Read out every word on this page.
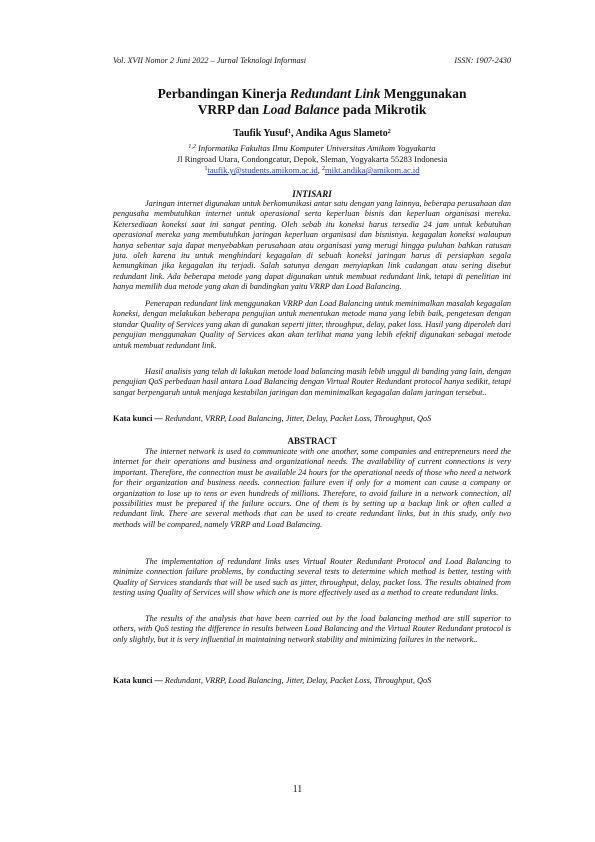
Vol. XVII Nomor 2 Juni 2022 – Jurnal Teknologi Informasi	ISSN: 1907-2430
Perbandingan Kinerja Redundant Link Menggunakan
VRRP dan Load Balance pada Mikrotik
Taufik Yusuf$^1$, Andika Agus Slameto$^2$
$^{1,2}$ Informatika Fakultas Ilmu Komputer Universitas Amikom Yogyakarta
Jl Ringroad Utara, Condongcatur, Depok, Sleman, Yogyakarta 55283 Indonesia
$^1$taufik.y@students.amikom.ac.id, $^2$mikt.andika@amikom.ac.id
INTISARI
Jaringan internet digunakan untuk berkomunikasi antar satu dengan yang lainnya, beberapa perusahaan dan pengusaha membutuhkan internet untuk operasional serta keperluan bisnis dan keperluan organisasi mereka. Ketersediaan koneksi saat ini sangat penting. Oleh sebab itu koneksi harus tersedia 24 jam untuk kebutuhan operasional mereka yang membutuhkan jaringan keperluan organisasi dan bisnisnya. kegagalan koneksi walaupun hanya sebentar saja dapat menyebabkan perusahaan atau organisasi yang merugi hingga puluhan bahkan ratusan juta. oleh karena itu untuk menghindari kegagalan di sebuah koneksi jaringan harus di persiapkan segala kemungkinan jika kegagalan itu terjadi. Salah satunya dengan menyiapkan link cadangan atau sering disebut redundant link. Ada beberapa metode yang dapat digunakan untuk membuat redundant link, tetapi di penelitian ini hanya memilih dua metode yang akan di bandingkan yaitu VRRP dan Load Balancing.
Penerapan redundant link menggunakan VRRP dan Load Balancing untuk meminimalkan masalah kegagalan koneksi, dengan melakukan beberapa pengujian untuk menentukan metode mana yang lebih baik, pengetesan dengan standar Quality of Services yang akan di gunakan seperti jitter, throughput, delay, paket loss. Hasil yang diperoleh dari pengujian menggunakan Quality of Services akan akan terlihat mana yang lebih efektif digunakan sebagai metode untuk membuat redundant link.
Hasil analisis yang telah di lakukan metode load balancing masih lebih unggul di banding yang lain, dengan pengujian QoS perbedaan hasil antara Load Balancing dengan Virtual Router Redundant protocol hanya sedikit, tetapi sangat berpengaruh untuk menjaga kestabilan jaringan dan meminimalkan kegagalan dalam jaringan tersebut..
Kata kunci — Redundant, VRRP, Load Balancing, Jitter, Delay, Packet Loss, Throughput, QoS
ABSTRACT
The internet network is used to communicate with one another, some companies and entrepreneurs need the internet for their operations and business and organizational needs. The availability of current connections is very important. Therefore, the connection must be available 24 hours for the operational needs of those who need a network for their organization and business needs. connection failure even if only for a moment can cause a company or organization to lose up to tens or even hundreds of millions. Therefore, to avoid failure in a network connection, all possibilities must be prepared if the failure occurs. One of them is by setting up a backup link or often called a redundant link. There are several methods that can be used to create redundant links, but in this study, only two methods will be compared, namely VRRP and Load Balancing.
The implementation of redundant links uses Virtual Router Redundant Protocol and Load Balancing to minimize connection failure problems, by conducting several tests to determine which method is better, testing with Quality of Services standards that will be used such as jitter, throughput, delay, packet loss. The results obtained from testing using Quality of Services will show which one is more effectively used as a method to create redundant links.
The results of the analysis that have been carried out by the load balancing method are still superior to others, with QoS testing the difference in results between Load Balancing and the Virtual Router Redundant protocol is only slightly, but it is very influential in maintaining network stability and minimizing failures in the network..
Kata kunci — Redundant, VRRP, Load Balancing, Jitter, Delay, Packet Loss, Throughput, QoS
11
